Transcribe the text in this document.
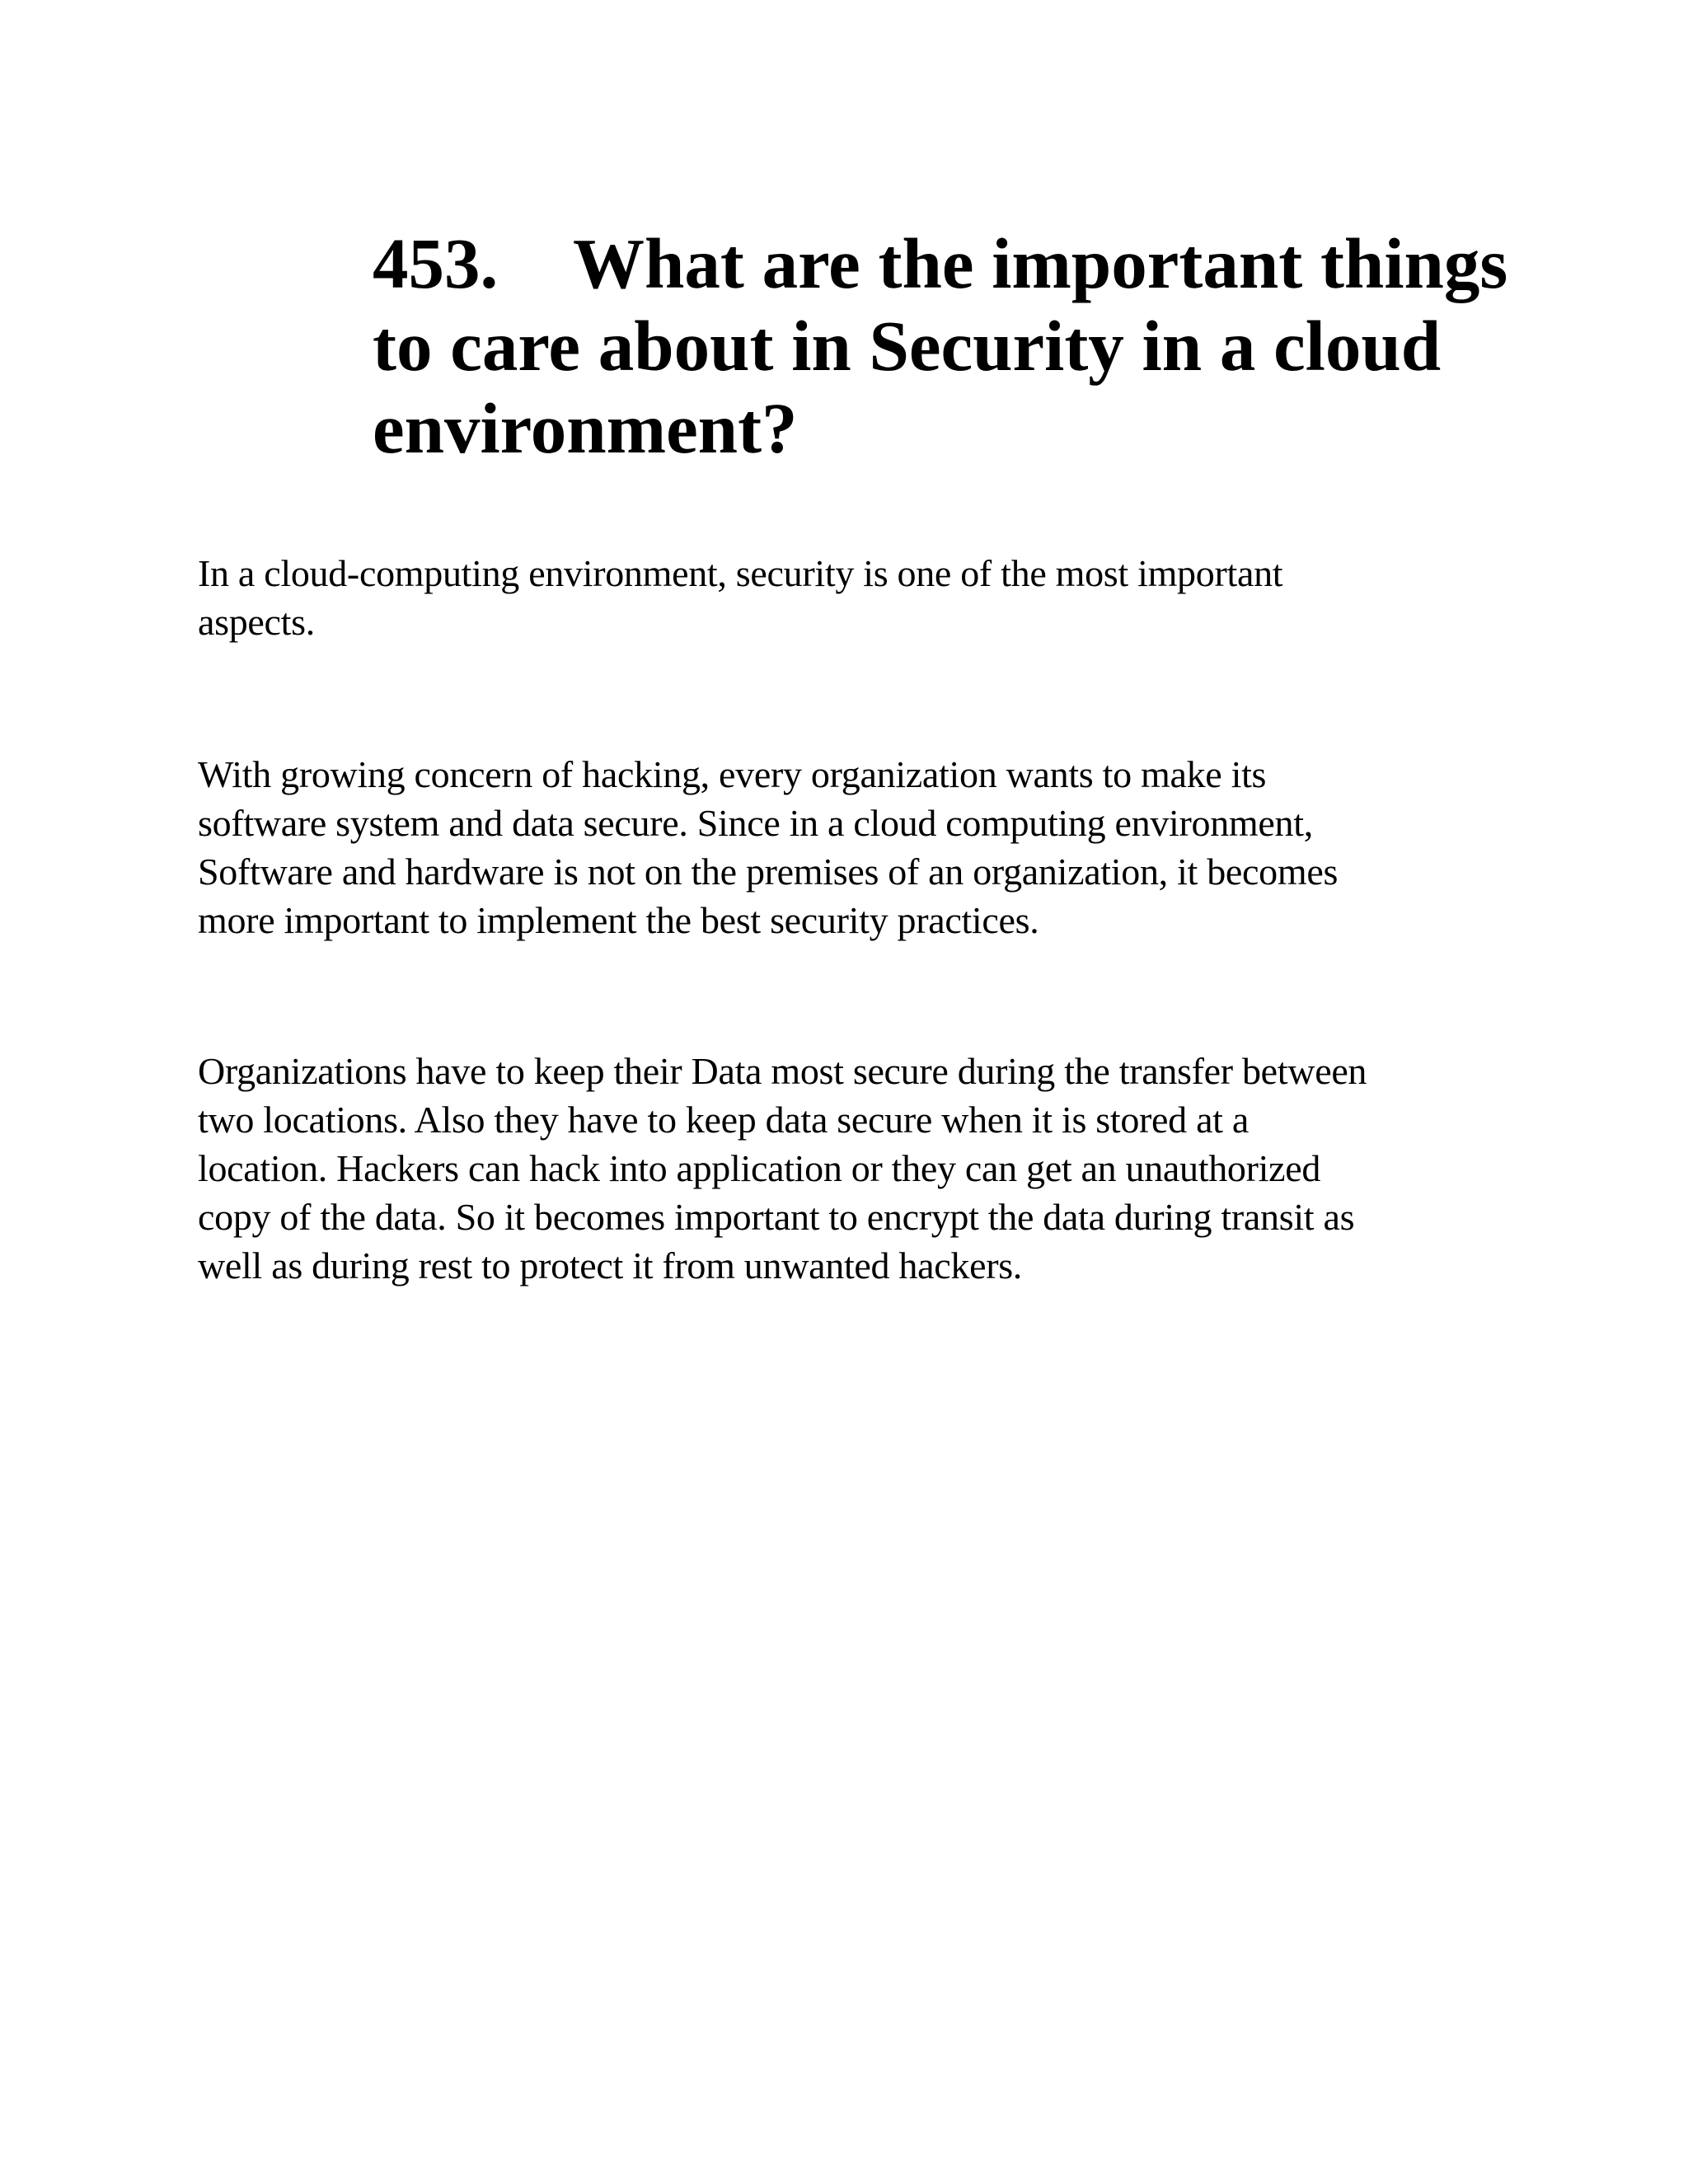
453. What are the important things
to care about in Security in a cloud
environment?

In a cloud-computing environment, security is one of the most important
aspects.

With growing concern of hacking, every organization wants to make its
software system and data secure. Since in a cloud computing environment,
Software and hardware is not on the premises of an organization, it becomes
more important to implement the best security practices.

Organizations have to keep their Data most secure during the transfer between
two locations. Also they have to keep data secure when it is stored at a
location. Hackers can hack into application or they can get an unauthorized
copy of the data. So it becomes important to encrypt the data during transit as
well as during rest to protect it from unwanted hackers.
